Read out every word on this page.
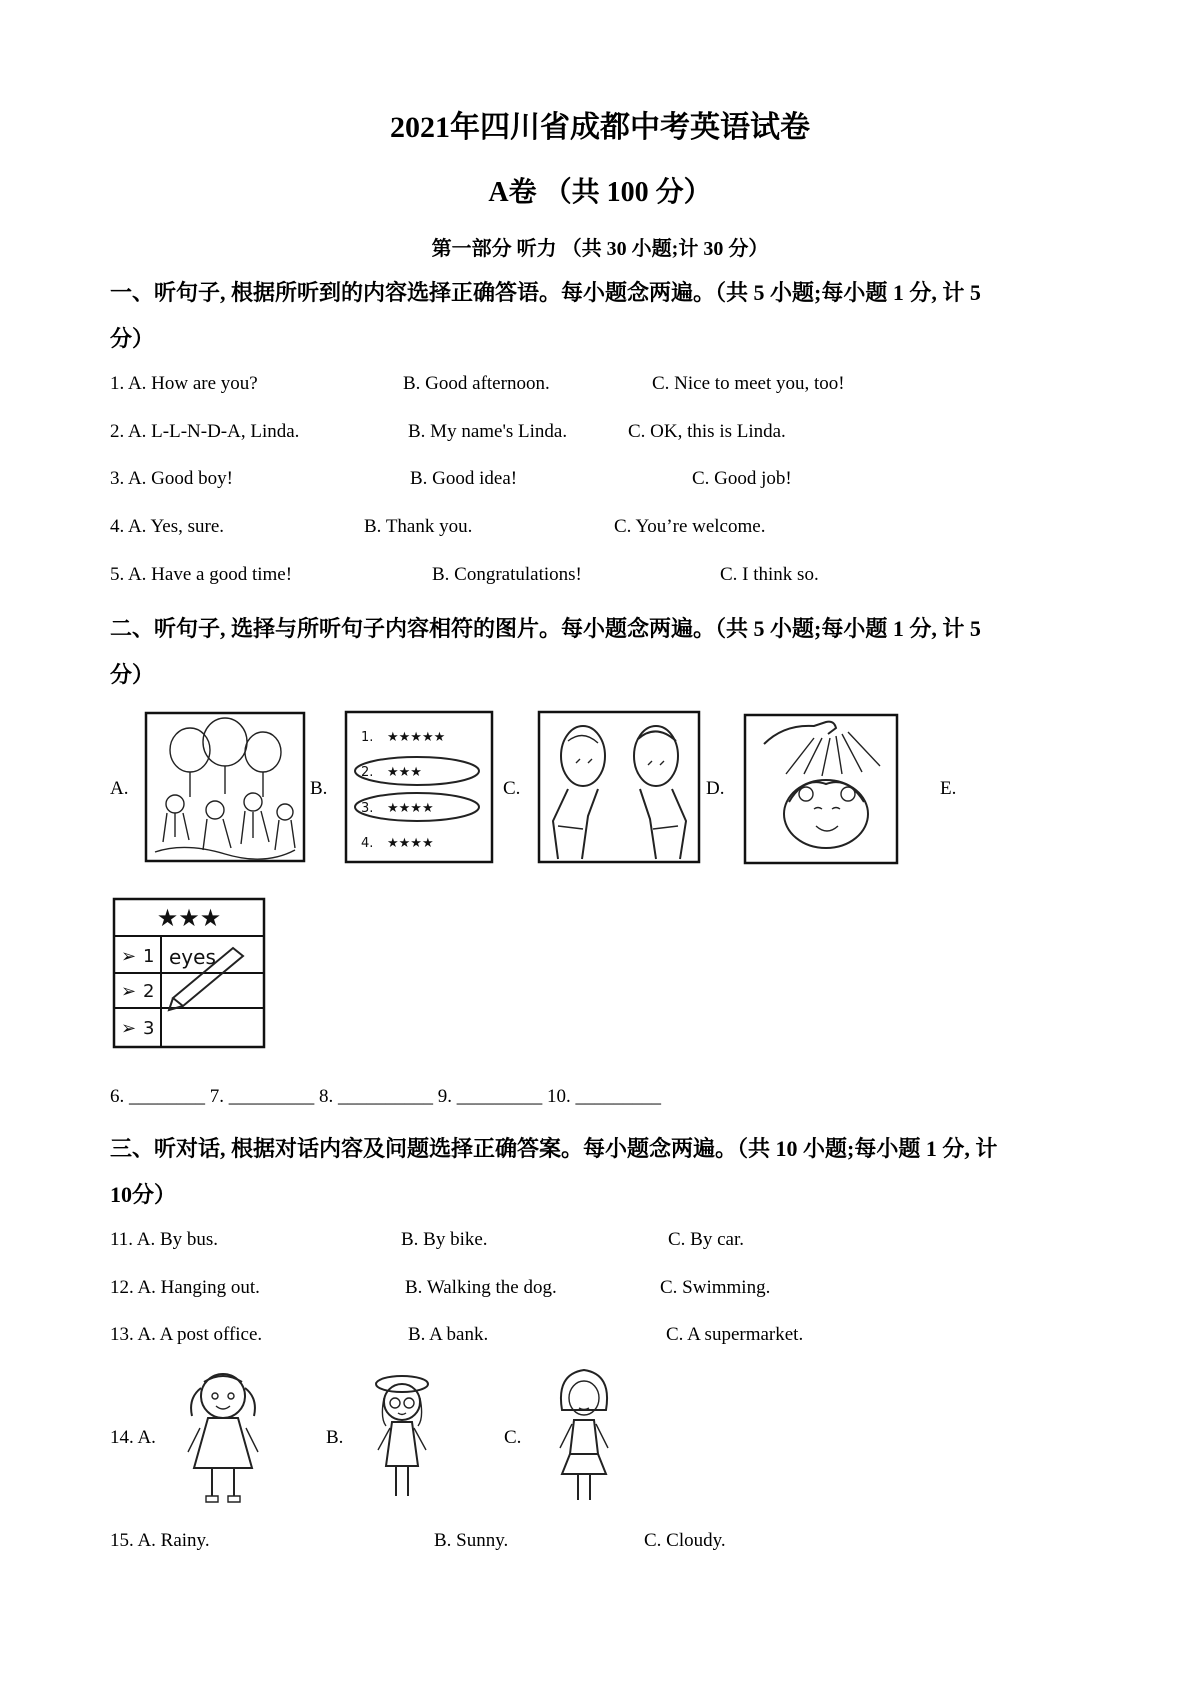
2021年四川省成都中考英语试卷
A卷 （共 100 分）
第一部分 听力 （共 30 小题;计 30 分）
一、听句子, 根据所听到的内容选择正确答语。每小题念两遍。（共 5 小题;每小题 1 分, 计 5
分）
1. A. How are you?	B. Good afternoon.	C. Nice to meet you, too!
2. A. L-L-N-D-A, Linda.	B. My name's Linda.	C. OK, this is Linda.
3. A. Good boy!	B. Good idea!	C. Good job!
4. A. Yes, sure.	B. Thank you.	C. You’re welcome.
5. A. Have a good time!	B. Congratulations!	C. I think so.
二、听句子, 选择与所听句子内容相符的图片。每小题念两遍。（共 5 小题;每小题 1 分, 计 5
分）
A.	B.	C.	D.	E.
1. ★★★★★
2. ★★★
3. ★★★★
4. ★★★★
★★★
➢ 1
➢ 2
➢ 3
eyes
6. ________ 7. _________ 8. __________ 9. _________ 10. _________
三、听对话, 根据对话内容及问题选择正确答案。每小题念两遍。（共 10 小题;每小题 1 分, 计
10分）
11. A. By bus.	B. By bike.	C. By car.
12. A. Hanging out.	B. Walking the dog.	C. Swimming.
13. A. A post office.	B. A bank.	C. A supermarket.
14. A.	B.	C.
15. A. Rainy.	B. Sunny.	C. Cloudy.
